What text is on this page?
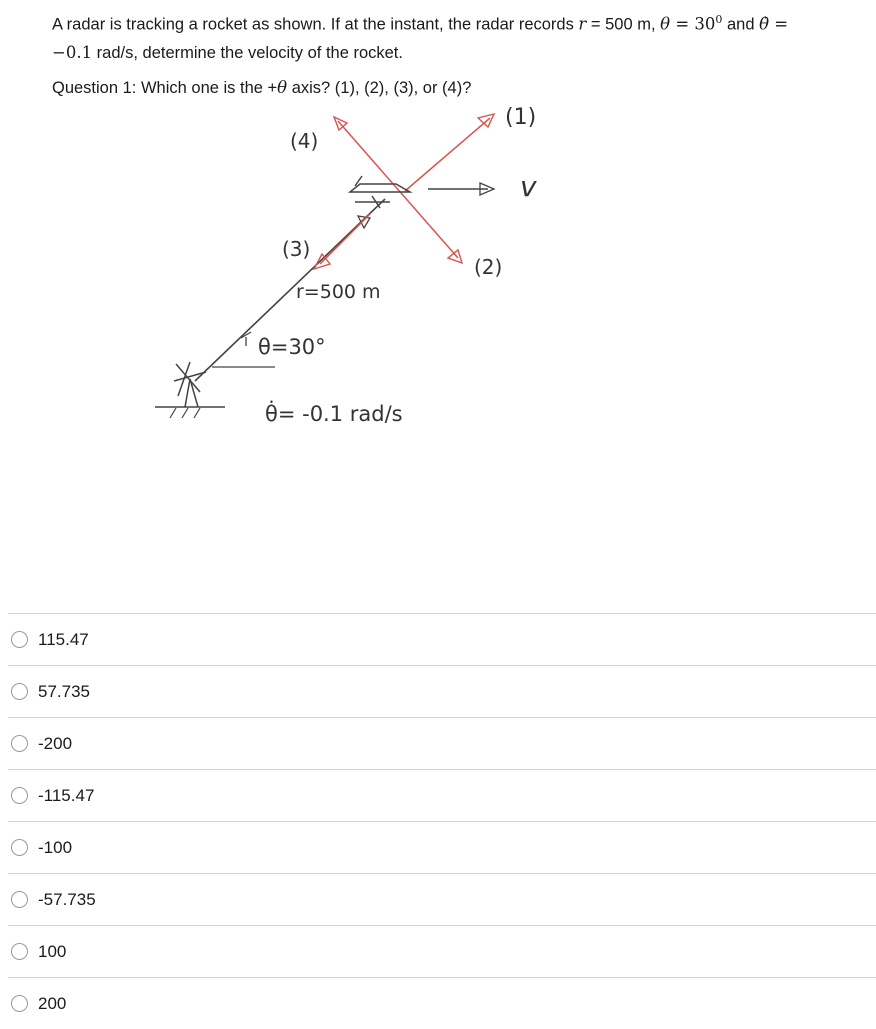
A radar is tracking a rocket as shown. If at the instant, the radar records r = 500 m, $\theta = 30^0$ and θ̇ =

−0.1 rad/s, determine the velocity of the rocket.

Question 1: Which one is the +θ axis? (1), (2), (3), or (4)?
(1)
(4)
(3)
(2)
v
r=500 m
θ=30°
θ̇= -0.1 rad/s
115.47
57.735
-200
-115.47
-100
-57.735
100
200
